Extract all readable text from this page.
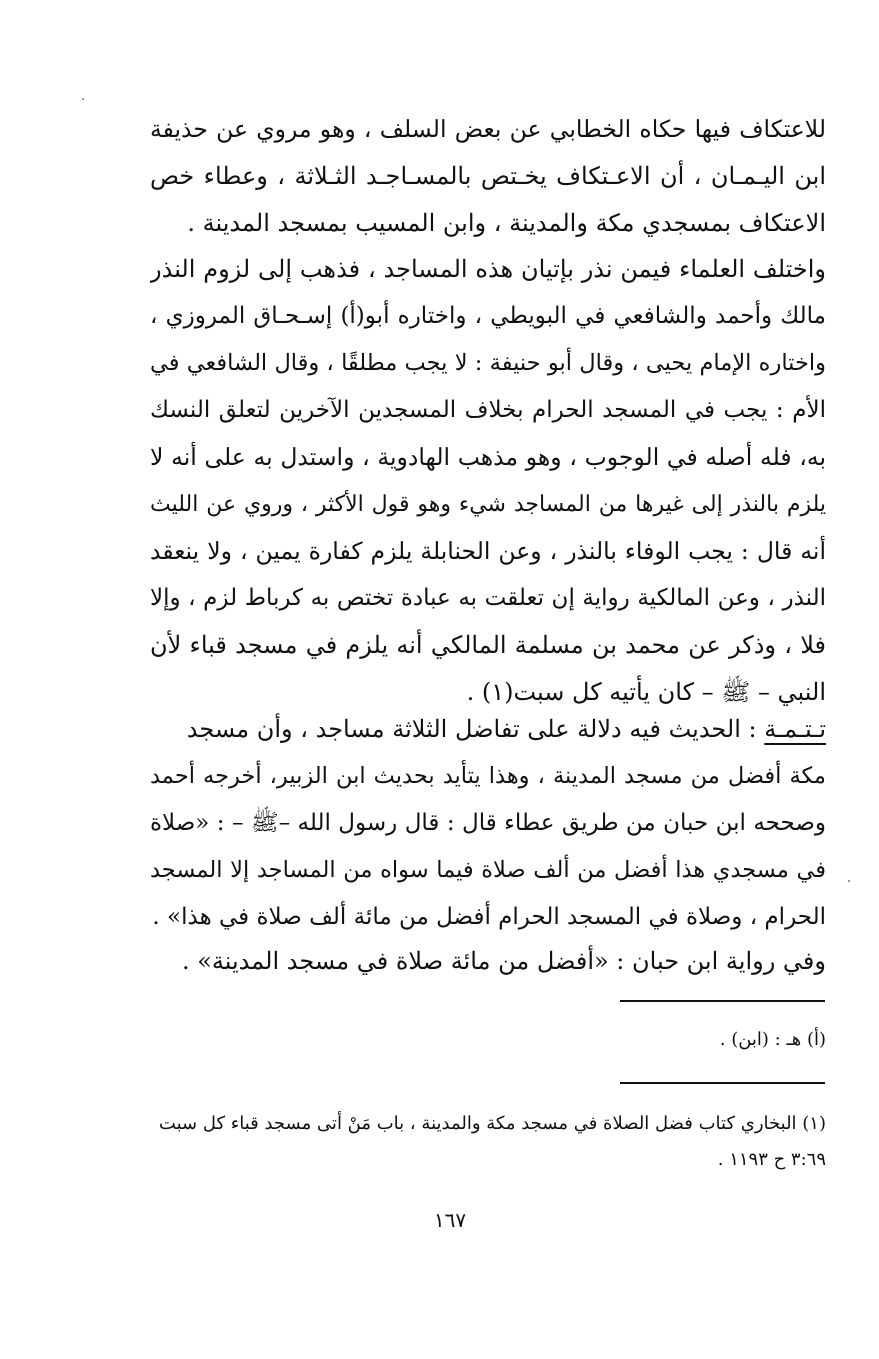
للاعتكاف فيها حكاه الخطابي عن بعض السلف ، وهو مروي عن حذيفة
ابن اليـمـان ، أن الاعـتكاف يخـتص بالمسـاجـد الثـلاثة ، وعطاء خص
الاعتكاف بمسجدي مكة والمدينة ، وابن المسيب بمسجد المدينة .
واختلف العلماء فيمن نذر بإتيان هذه المساجد ، فذهب إلى لزوم النذر
مالك وأحمد والشافعي في البويطي ، واختاره أبو(أ) إسـحـاق المروزي ،
واختاره الإمام يحيى ، وقال أبو حنيفة : لا يجب مطلقًا ، وقال الشافعي في
الأم : يجب في المسجد الحرام بخلاف المسجدين الآخرين لتعلق النسك
به، فله أصله في الوجوب ، وهو مذهب الهادوية ، واستدل به على أنه لا
يلزم بالنذر إلى غيرها من المساجد شيء وهو قول الأكثر ، وروي عن الليث
أنه قال : يجب الوفاء بالنذر ، وعن الحنابلة يلزم كفارة يمين ، ولا ينعقد
النذر ، وعن المالكية رواية إن تعلقت به عبادة تختص به كرباط لزم ، وإلا
فلا ، وذكر عن محمد بن مسلمة المالكي أنه يلزم في مسجد قباء لأن
النبي – ﷺ – كان يأتيه كل سبت(١) .
تـتـمـة : الحديث فيه دلالة على تفاضل الثلاثة مساجد ، وأن مسجد
مكة أفضل من مسجد المدينة ، وهذا يتأيد بحديث ابن الزبير، أخرجه أحمد
وصححه ابن حبان من طريق عطاء قال : قال رسول الله –ﷺ – : «صلاة
في مسجدي هذا أفضل من ألف صلاة فيما سواه من المساجد إلا المسجد
الحرام ، وصلاة في المسجد الحرام أفضل من مائة ألف صلاة في هذا» .
وفي رواية ابن حبان : «أفضل من مائة صلاة في مسجد المدينة» .
(أ) هـ : (ابن) .
(١) البخاري كتاب فضل الصلاة في مسجد مكة والمدينة ، باب مَنْ أتى مسجد قباء كل سبت
٣:٦٩ ح ١١٩٣ .
١٦٧
